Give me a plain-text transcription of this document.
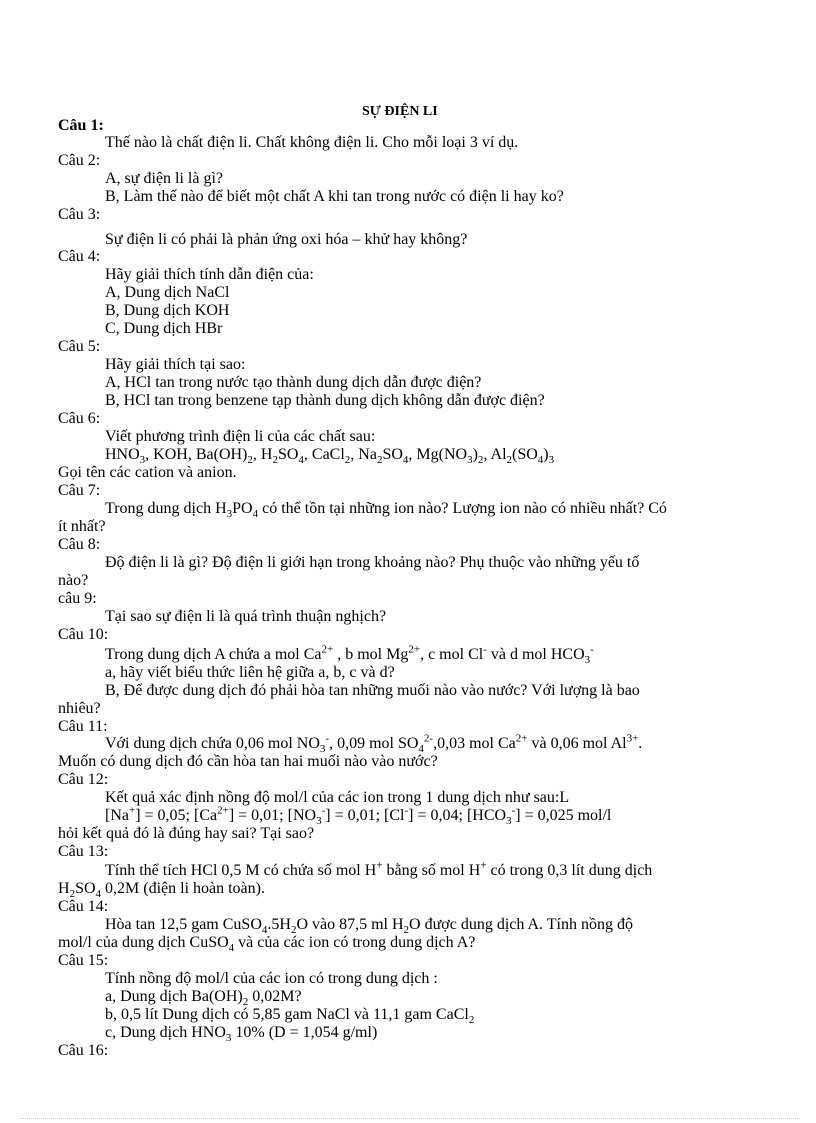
SỰ ĐIỆN LI
Câu 1:
Thế nào là chất điện li. Chất không điện li. Cho mỗi loại 3 ví dụ.
Câu 2:
A, sự điện li là gì?
B, Làm thế nào để biết một chất A khi tan trong nước có điện li hay ko?
Câu 3:
Sự điện li có phải là phản ứng oxi hóa – khử hay không?
Câu 4:
Hãy giải thích tính dẫn điện của:
A, Dung dịch NaCl
B, Dung dịch KOH
C, Dung dịch HBr
Câu 5:
Hãy giải thích tại sao:
A, HCl tan trong nước tạo thành dung dịch dẫn được điện?
B, HCl tan trong benzene tạp thành dung dịch không dẫn được điện?
Câu 6:
Viết phương trình điện li của các chất sau:
$HNO_3$, KOH, $Ba(OH)_2$, $H_2SO_4$, CaCl$_2$, $Na_2SO_4$, $Mg(NO_3)_2$, $Al_2(SO_4)_3$
Gọi tên các cation và anion.
Câu 7:
Trong dung dịch $H_3PO_4$ có thể tồn tại những ion nào? Lượng ion nào có nhiều nhất? Có
ít nhất?
Câu 8:
Độ điện li là gì? Độ điện li giới hạn trong khoảng nào? Phụ thuộc vào những yếu tố
nào?
câu 9:
Tại sao sự điện li là quá trình thuận nghịch?
Câu 10:
Trong dung dịch A chứa a mol $Ca^{2+}$ , b mol $Mg^{2+}$, c mol Cl- và d mol $HCO_3^-$
a, hãy viết biểu thức liên hệ giữa a, b, c và d?
B, Để được dung dịch đó phải hòa tan những muối nào vào nước? Với lượng là bao
nhiêu?
Câu 11:
Với dung dịch chứa 0,06 mol $NO_3^-$, 0,09 mol $SO_4^{2-},0,03$ mol $Ca^{2+}$ và 0,06 mol $Al^{3+}$.
Muốn có dung dịch đó cần hòa tan hai muối nào vào nước?
Câu 12:
Kết quả xác định nồng độ mol/l của các ion trong 1 dung dịch như sau:L
[Na+] = 0,05; $[Ca^{2+}] = 0,01$; $[NO_3^-] = 0,01$; [Cl-] = 0,04; $[HCO_3^-] = 0,025$ mol/l
hỏi kết quả đó là đúng hay sai? Tại sao?
Câu 13:
Tính thể tích HCl 0,5 M có chứa số mol H+ bằng số mol H+ có trong 0,3 lít dung dịch
$H_2SO_4$ 0,2M (điện li hoàn toàn).
Câu 14:
Hòa tan 12,5 gam $CuSO_4.5H_2O$ vào 87,5 ml $H_2O$ được dung dịch A. Tính nồng độ
mol/l của dung dịch CuSO$_4$ và của các ion có trong dung dịch A?
Câu 15:
Tính nồng độ mol/l của các ion có trong dung dịch :
a, Dung dịch $Ba(OH)_2$ 0,02M?
b, 0,5 lít Dung dịch có 5,85 gam NaCl và 11,1 gam CaCl$_2$
c, Dung dịch $HNO_3$ 10% (D = 1,054 g/ml)
Câu 16:
